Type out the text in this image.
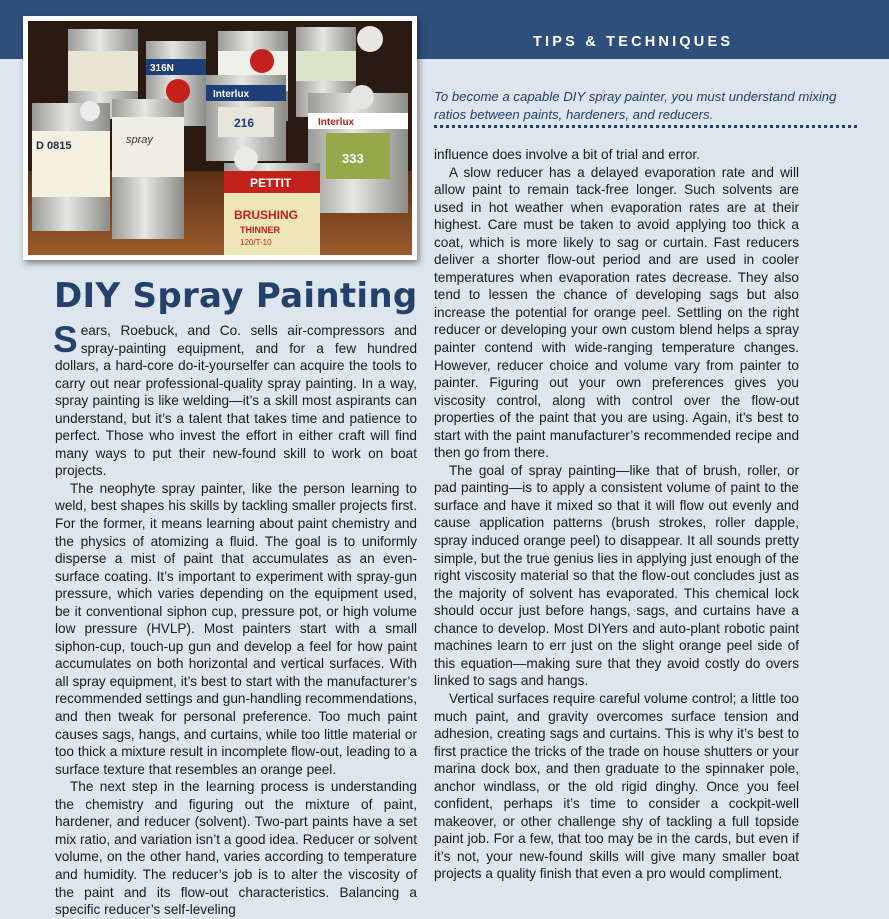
TIPS & TECHNIQUES
316N
D 0815	spray
Interlux
216	Interlux
333
PETTIT
BRUSHING
THINNER
120/T-10
DIY Spray Painting
To become a capable DIY spray painter, you must understand mixing ratios between paints, hardeners, and reducers.

Sears, Roebuck, and Co. sells air-compressors and spray-painting equipment, and for a few hundred dollars, a hard-core do-it-yourselfer can acquire the tools to carry out near professional-quality spray painting. In a way, spray painting is like welding—it’s a skill most aspirants can understand, but it’s a talent that takes time and patience to perfect. Those who invest the effort in either craft will find many ways to put their new-found skill to work on boat projects.

The neophyte spray painter, like the person learning to weld, best shapes his skills by tackling smaller projects first. For the former, it means learning about paint chemistry and the physics of atomizing a fluid. The goal is to uniformly disperse a mist of paint that accumulates as an even-surface coating. It’s important to experiment with spray-gun pressure, which varies depending on the equipment used, be it conventional siphon cup, pressure pot, or high volume low pressure (HVLP). Most painters start with a small siphon-cup, touch-up gun and develop a feel for how paint accumulates on both horizontal and vertical surfaces. With all spray equipment, it’s best to start with the manufacturer’s recommended settings and gun-handling recommendations, and then tweak for personal preference. Too much paint causes sags, hangs, and curtains, while too little material or too thick a mixture result in incomplete flow-out, leading to a surface texture that resembles an orange peel.

The next step in the learning process is understanding the chemistry and figuring out the mixture of paint, hardener, and reducer (solvent). Two-part paints have a set mix ratio, and variation isn’t a good idea. Reducer or solvent volume, on the other hand, varies according to temperature and humidity. The reducer’s job is to alter the viscosity of the paint and its flow-out characteristics. Balancing a specific reducer’s self-leveling

influence does involve a bit of trial and error.

A slow reducer has a delayed evaporation rate and will allow paint to remain tack-free longer. Such solvents are used in hot weather when evaporation rates are at their highest. Care must be taken to avoid applying too thick a coat, which is more likely to sag or curtain. Fast reducers deliver a shorter flow-out period and are used in cooler temperatures when evaporation rates decrease. They also tend to lessen the chance of developing sags but also increase the potential for orange peel. Settling on the right reducer or developing your own custom blend helps a spray painter contend with wide-ranging temperature changes. However, reducer choice and volume vary from painter to painter. Figuring out your own preferences gives you viscosity control, along with control over the flow-out properties of the paint that you are using. Again, it’s best to start with the paint manufacturer’s recommended recipe and then go from there.

The goal of spray painting—like that of brush, roller, or pad painting—is to apply a consistent volume of paint to the surface and have it mixed so that it will flow out evenly and cause application patterns (brush strokes, roller dapple, spray induced orange peel) to disappear. It all sounds pretty simple, but the true genius lies in applying just enough of the right viscosity material so that the flow-out concludes just as the majority of solvent has evaporated. This chemical lock should occur just before hangs, sags, and curtains have a chance to develop. Most DIYers and auto-plant robotic paint machines learn to err just on the slight orange peel side of this equation—making sure that they avoid costly do overs linked to sags and hangs.

Vertical surfaces require careful volume control; a little too much paint, and gravity overcomes surface tension and adhesion, creating sags and curtains. This is why it’s best to first practice the tricks of the trade on house shutters or your marina dock box, and then graduate to the spinnaker pole, anchor windlass, or the old rigid dinghy. Once you feel confident, perhaps it’s time to consider a cockpit-well makeover, or other challenge shy of tackling a full topside paint job. For a few, that too may be in the cards, but even if it’s not, your new-found skills will give many smaller boat projects a quality finish that even a pro would compliment.
